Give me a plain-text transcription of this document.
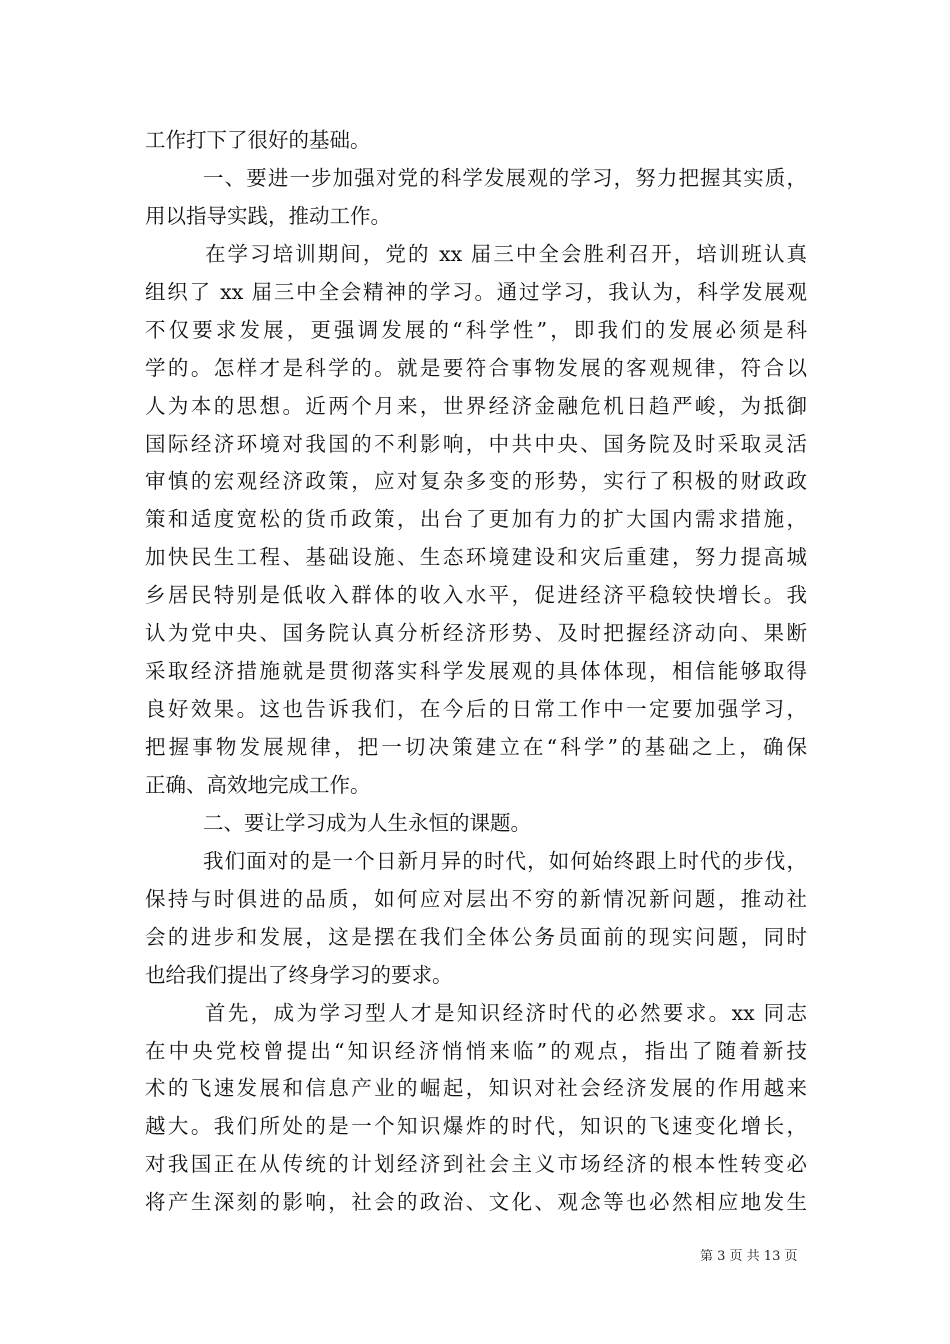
工作打下了很好的基础。
一、要进一步加强对党的科学发展观的学习，努力把握其实质，
用以指导实践，推动工作。
在学习培训期间，党的 xx 届三中全会胜利召开，培训班认真
组织了 xx 届三中全会精神的学习。通过学习，我认为，科学发展观
不仅要求发展，更强调发展的“科学性”，即我们的发展必须是科
学的。怎样才是科学的。就是要符合事物发展的客观规律，符合以
人为本的思想。近两个月来，世界经济金融危机日趋严峻，为抵御
国际经济环境对我国的不利影响，中共中央、国务院及时采取灵活
审慎的宏观经济政策，应对复杂多变的形势，实行了积极的财政政
策和适度宽松的货币政策，出台了更加有力的扩大国内需求措施，
加快民生工程、基础设施、生态环境建设和灾后重建，努力提高城
乡居民特别是低收入群体的收入水平，促进经济平稳较快增长。我
认为党中央、国务院认真分析经济形势、及时把握经济动向、果断
采取经济措施就是贯彻落实科学发展观的具体体现，相信能够取得
良好效果。这也告诉我们，在今后的日常工作中一定要加强学习，
把握事物发展规律，把一切决策建立在“科学”的基础之上，确保
正确、高效地完成工作。
二、要让学习成为人生永恒的课题。
我们面对的是一个日新月异的时代，如何始终跟上时代的步伐，
保持与时俱进的品质，如何应对层出不穷的新情况新问题，推动社
会的进步和发展，这是摆在我们全体公务员面前的现实问题，同时
也给我们提出了终身学习的要求。
首先，成为学习型人才是知识经济时代的必然要求。xx 同志
在中央党校曾提出“知识经济悄悄来临”的观点，指出了随着新技
术的飞速发展和信息产业的崛起，知识对社会经济发展的作用越来
越大。我们所处的是一个知识爆炸的时代，知识的飞速变化增长，
对我国正在从传统的计划经济到社会主义市场经济的根本性转变必
将产生深刻的影响，社会的政治、文化、观念等也必然相应地发生
第 3 页 共 13 页
